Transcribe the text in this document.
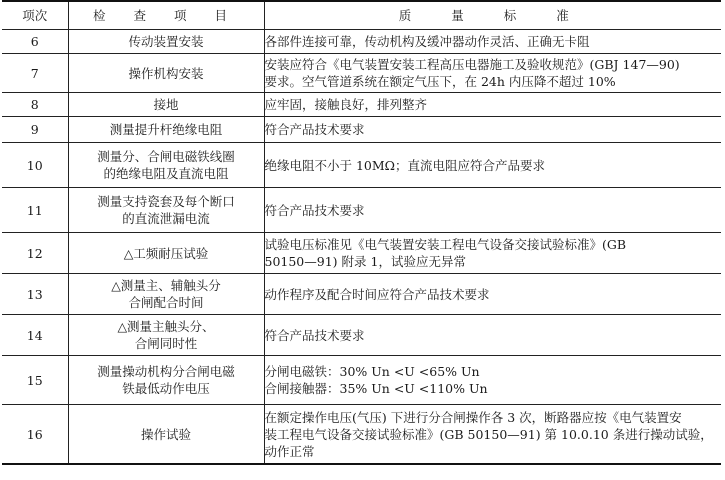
项次	检 查 项 目	质 量 标 准
6	传动装置安装	各部件连接可靠，传动机构及缓冲器动作灵活、正确无卡阻

7	操作机构安装	安装应符合《电气装置安装工程高压电器施工及验收规范》(GBJ 147—90)
要求。空气管道系统在额定气压下，在 24h 内压降不超过 10%

8	接地	应牢固，接触良好，排列整齐

9	测量提升杆绝缘电阻	符合产品技术要求

10	测量分、合闸电磁铁线圈
的绝缘电阻及直流电阻	绝缘电阻不小于 10MΩ；直流电阻应符合产品要求

11	测量支持瓷套及每个断口
的直流泄漏电流	符合产品技术要求

12	△工频耐压试验	试验电压标准见《电气装置安装工程电气设备交接试验标准》(GB
50150—91) 附录 1，试验应无异常

13	△测量主、辅触头分
合闸配合时间	动作程序及配合时间应符合产品技术要求

14	△测量主触头分、
合闸同时性	符合产品技术要求

15	测量操动机构分合闸电磁
铁最低动作电压	分闸电磁铁：30% Un <U <65% Un
合闸接触器：35% Un <U <110% Un

16	操作试验	在额定操作电压(气压) 下进行分合闸操作各 3 次，断路器应按《电气装置安
装工程电气设备交接试验标准》(GB 50150—91) 第 10.0.10 条进行操动试验，
动作正常
